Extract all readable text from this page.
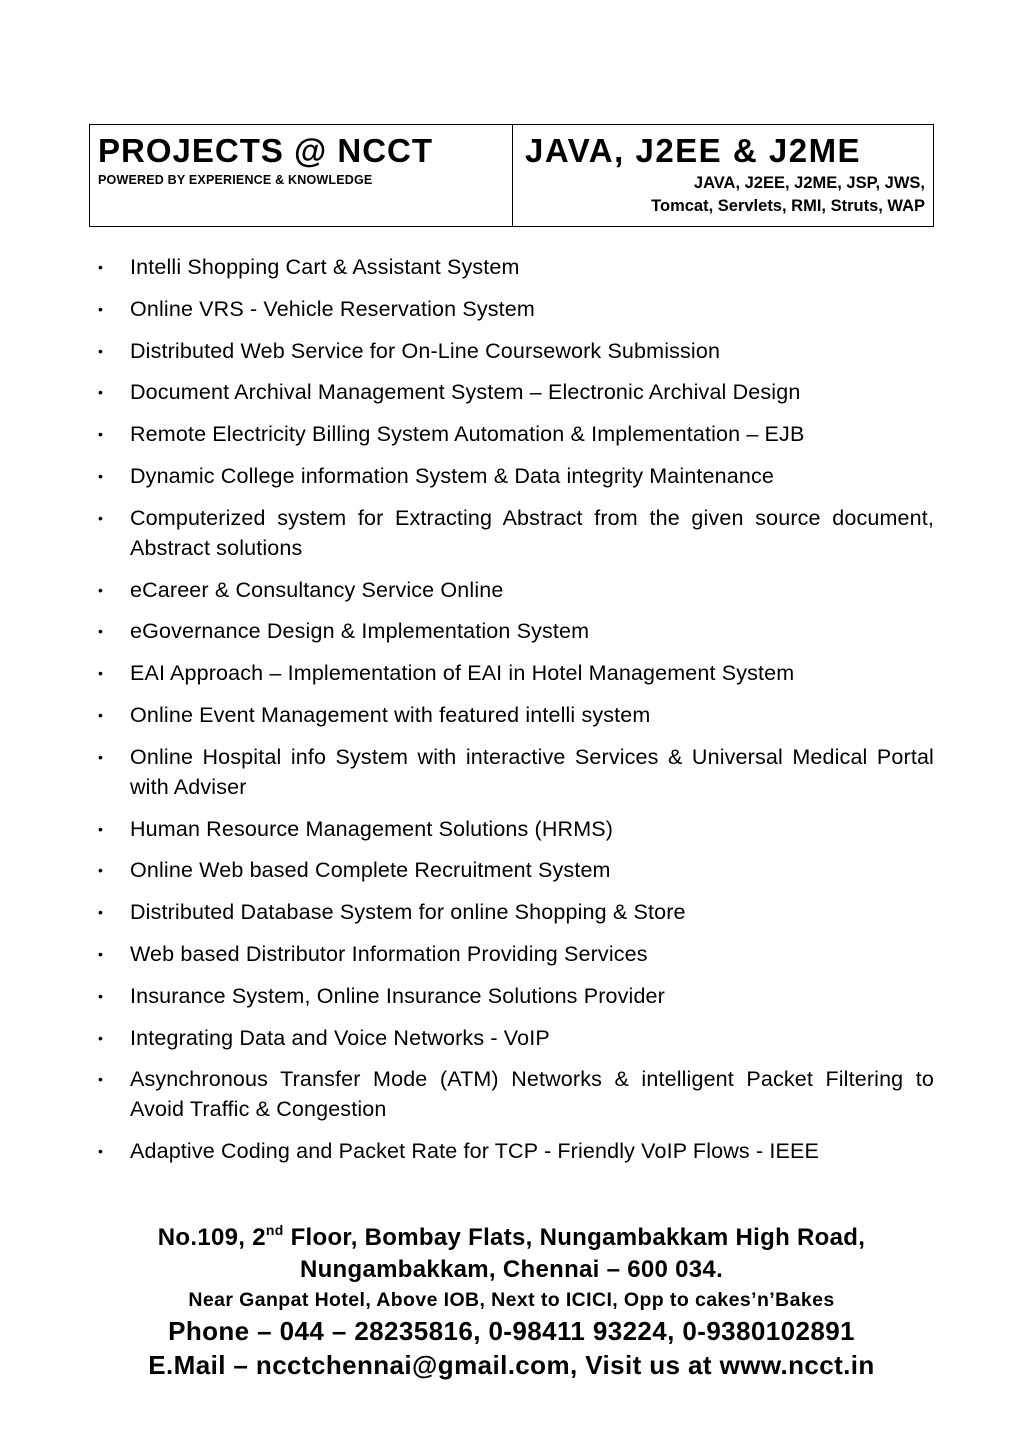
PROJECTS @ NCCT
POWERED BY EXPERIENCE & KNOWLEDGE
JAVA, J2EE & J2ME
JAVA, J2EE, J2ME, JSP, JWS,
Tomcat, Servlets, RMI, Struts, WAP
• Intelli Shopping Cart & Assistant System
• Online VRS - Vehicle Reservation System
• Distributed Web Service for On-Line Coursework Submission
• Document Archival Management System – Electronic Archival Design
• Remote Electricity Billing System Automation & Implementation – EJB
• Dynamic College information System & Data integrity Maintenance
• Computerized system for Extracting Abstract from the given source document, Abstract solutions
• eCareer & Consultancy Service Online
• eGovernance Design & Implementation System
• EAI Approach – Implementation of EAI in Hotel Management System
• Online Event Management with featured intelli system
• Online Hospital info System with interactive Services & Universal Medical Portal with Adviser
• Human Resource Management Solutions (HRMS)
• Online Web based Complete Recruitment System
• Distributed Database System for online Shopping & Store
• Web based Distributor Information Providing Services
• Insurance System, Online Insurance Solutions Provider
• Integrating Data and Voice Networks - VoIP
• Asynchronous Transfer Mode (ATM) Networks & intelligent Packet Filtering to Avoid Traffic & Congestion
• Adaptive Coding and Packet Rate for TCP - Friendly VoIP Flows - IEEE
No.109, 2nd Floor, Bombay Flats, Nungambakkam High Road,
Nungambakkam, Chennai – 600 034.
Near Ganpat Hotel, Above IOB, Next to ICICI, Opp to cakes’n’Bakes
Phone – 044 – 28235816, 0-98411 93224, 0-9380102891
E.Mail – ncctchennai@gmail.com, Visit us at www.ncct.in
